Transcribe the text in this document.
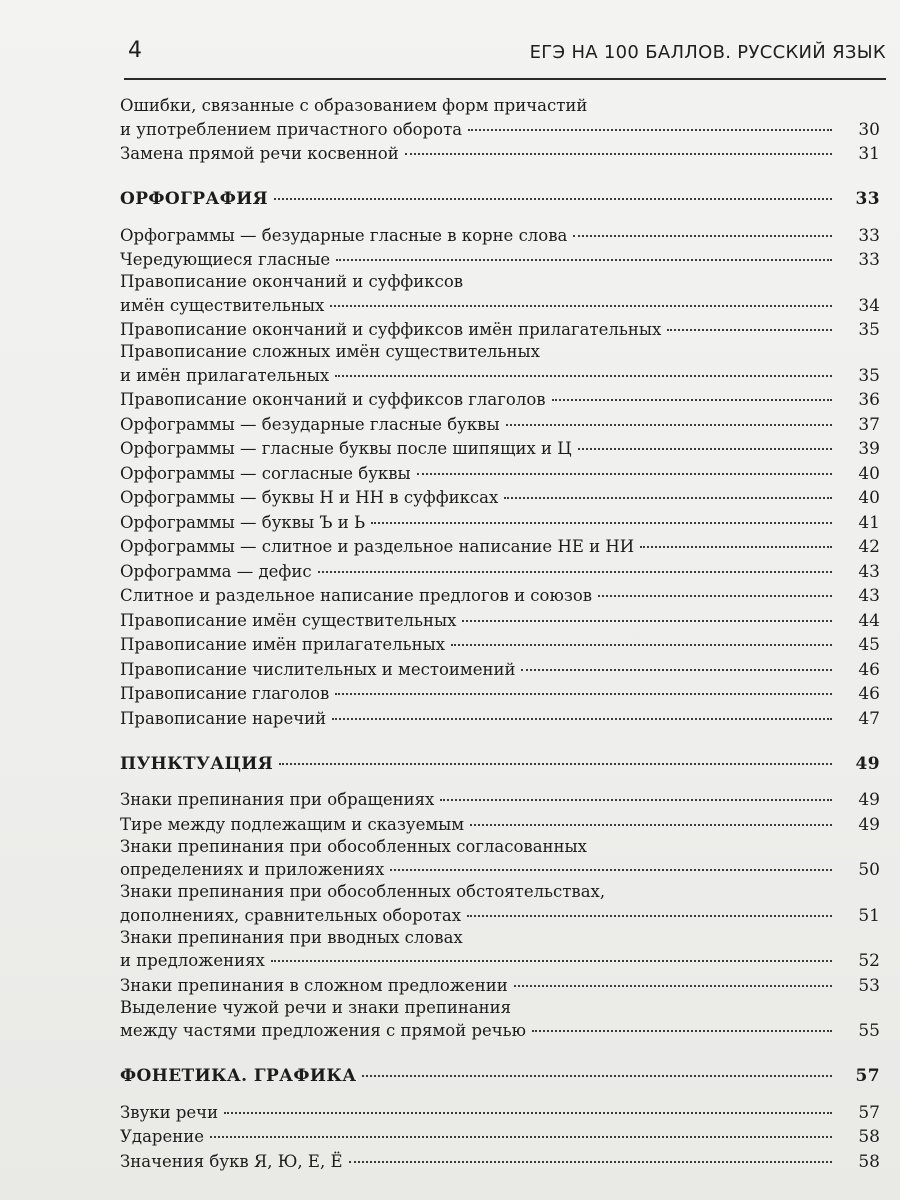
4	ЕГЭ НА 100 БАЛЛОВ. РУССКИЙ ЯЗЫК
Ошибки, связанные с образованием форм причастий
и употреблением причастного оборота	30
Замена прямой речи косвенной	31
ОРФОГРАФИЯ	33
Орфограммы — безударные гласные в корне слова	33
Чередующиеся гласные	33
Правописание окончаний и суффиксов
имён существительных	34
Правописание окончаний и суффиксов имён прилагательных	35
Правописание сложных имён существительных
и имён прилагательных	35
Правописание окончаний и суффиксов глаголов	36
Орфограммы — безударные гласные буквы	37
Орфограммы — гласные буквы после шипящих и Ц	39
Орфограммы — согласные буквы	40
Орфограммы — буквы Н и НН в суффиксах	40
Орфограммы — буквы Ъ и Ь	41
Орфограммы — слитное и раздельное написание НЕ и НИ	42
Орфограмма — дефис	43
Слитное и раздельное написание предлогов и союзов	43
Правописание имён существительных	44
Правописание имён прилагательных	45
Правописание числительных и местоимений	46
Правописание глаголов	46
Правописание наречий	47
ПУНКТУАЦИЯ	49
Знаки препинания при обращениях	49
Тире между подлежащим и сказуемым	49
Знаки препинания при обособленных согласованных
определениях и приложениях	50
Знаки препинания при обособленных обстоятельствах,
дополнениях, сравнительных оборотах	51
Знаки препинания при вводных словах
и предложениях	52
Знаки препинания в сложном предложении	53
Выделение чужой речи и знаки препинания
между частями предложения с прямой речью	55
ФОНЕТИКА. ГРАФИКА	57
Звуки речи	57
Ударение	58
Значения букв Я, Ю, Е, Ё	58
